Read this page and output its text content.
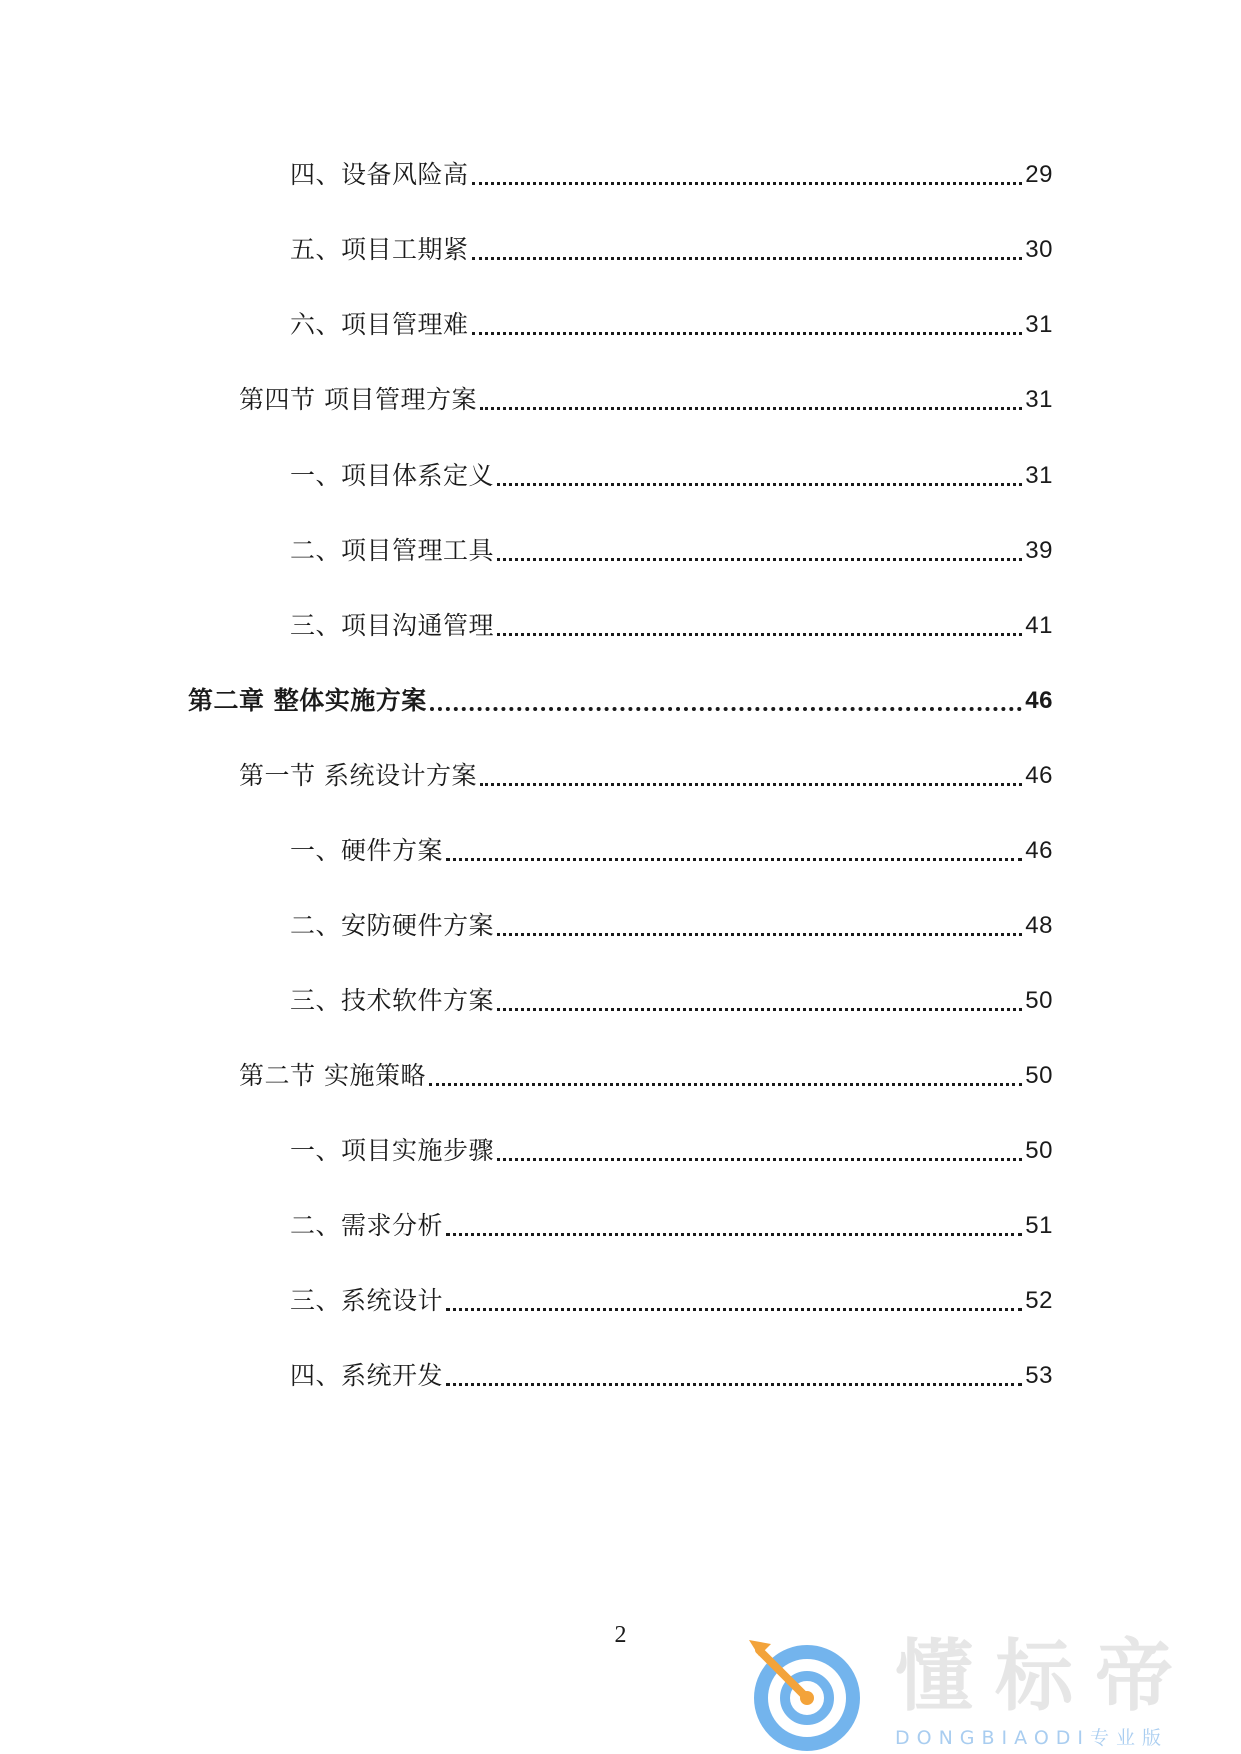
四、设备风险高	29
五、项目工期紧	30
六、项目管理难	31
第四节 项目管理方案	31
一、项目体系定义	31
二、项目管理工具	39
三、项目沟通管理	41
第二章 整体实施方案	46
第一节 系统设计方案	46
一、硬件方案	46
二、安防硬件方案	48
三、技术软件方案	50
第二节 实施策略	50
一、项目实施步骤	50
二、需求分析	51
三、系统设计	52
四、系统开发	53
2	懂标帝
DONGBIAODI专业版
